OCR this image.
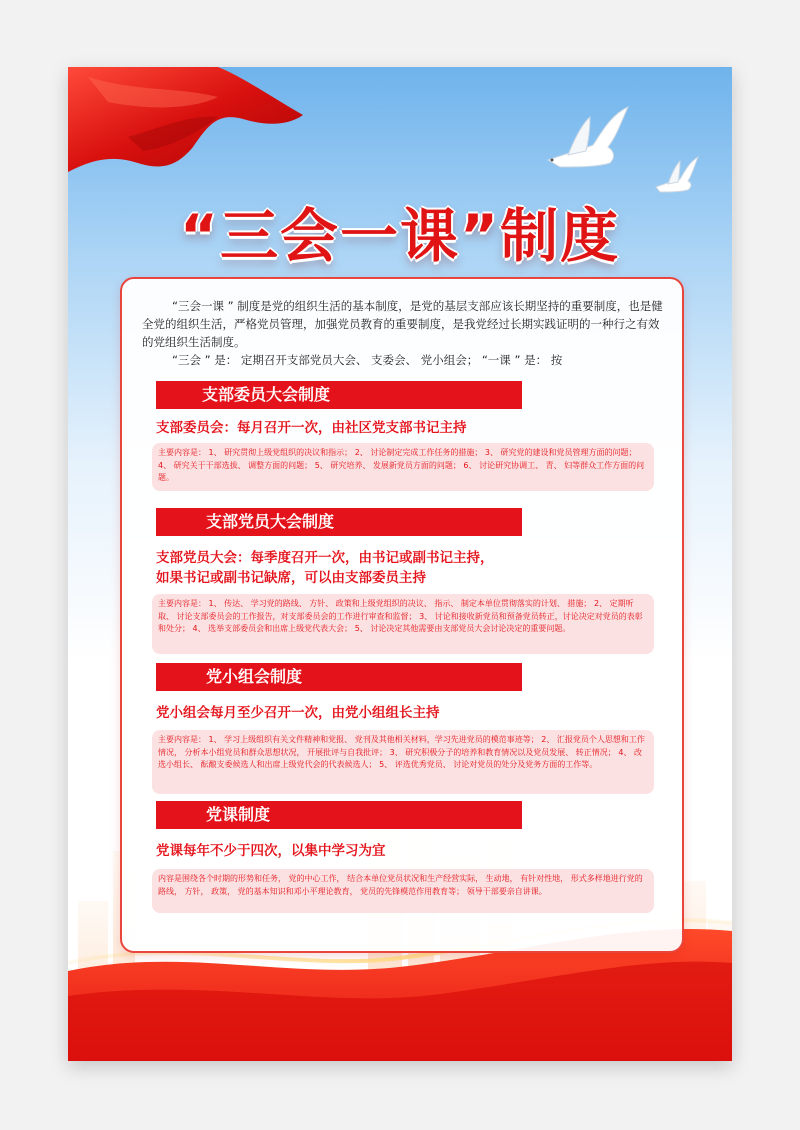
“三会一课”制度

“三会一课 ” 制度是党的组织生活的基本制度，是党的基层支部应该长期坚持的重要制度，也是健全党的组织生活，严格党员管理，加强党员教育的重要制度，是我党经过长期实践证明的一种行之有效的党组织生活制度。

“三会 ” 是： 定期召开支部党员大会、 支委会、 党小组会； “一课 ” 是： 按

支部委员大会制度
支部委员会：每月召开一次，由社区党支部书记主持
主要内容是： 1、 研究贯彻上级党组织的决议和指示； 2、 讨论制定完成工作任务的措施； 3、 研究党的建设和党员管理方面的问题； 4、 研究关于干部选拔、 调整方面的问题； 5、 研究培养、 发展新党员方面的问题； 6、 讨论研究协调工、 青、 妇等群众工作方面的问题。
支部党员大会制度
支部党员大会：每季度召开一次，由书记或副书记主持，
如果书记或副书记缺席，可以由支部委员主持
主要内容是： 1、 传达、 学习党的路线、 方针、 政策和上级党组织的决议、 指示、 制定本单位贯彻落实的计划、 措施； 2、 定期听取、 讨论支部委员会的工作报告，对支部委员会的工作进行审查和监督； 3、 讨论和接收新党员和预备党员转正，讨论决定对党员的表彰和处分； 4、 选举支部委员会和出席上级党代表大会； 5、 讨论决定其他需要由支部党员大会讨论决定的重要问题。
党小组会制度
党小组会每月至少召开一次，由党小组组长主持
主要内容是： 1、 学习上级组织有关文件精神和党报、 党刊及其他相关材料，学习先进党员的模范事迹等； 2、 汇报党员个人思想和工作情况， 分析本小组党员和群众思想状况， 开展批评与自我批评； 3、 研究积极分子的培养和教育情况以及党员发展、 转正情况； 4、 改选小组长、 酝酿支委候选人和出席上级党代会的代表候选人； 5、 评选优秀党员、 讨论对党员的处分及党务方面的工作等。
党课制度
党课每年不少于四次，以集中学习为宜
内容是围绕各个时期的形势和任务， 党的中心工作， 结合本单位党员状况和生产经营实际， 生动地， 有针对性地， 形式多样地进行党的路线， 方针， 政策， 党的基本知识和邓小平理论教育， 党员的先锋模范作用教育等； 领导干部要亲自讲课。
